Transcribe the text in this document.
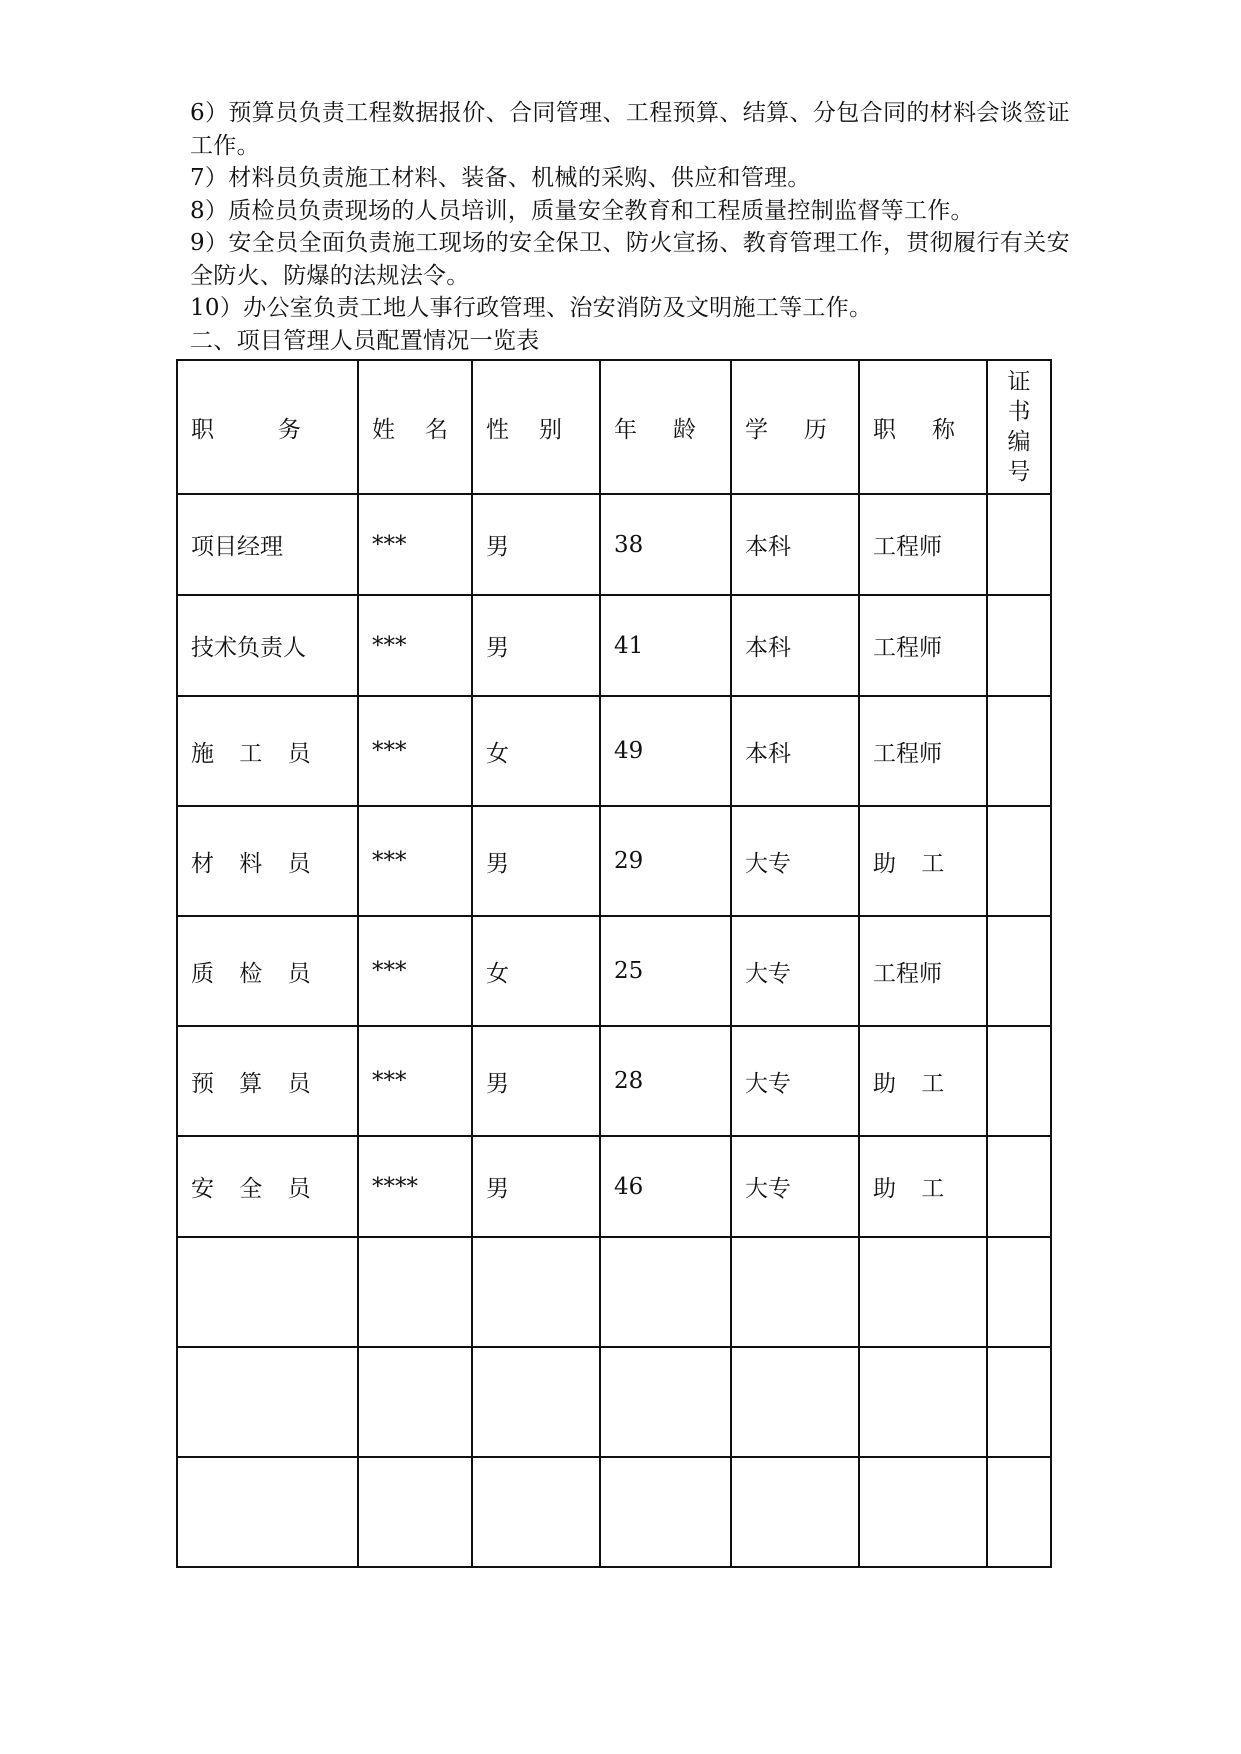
6）预算员负责工程数据报价、合同管理、工程预算、结算、分包合同的材料会谈签证工作。

7）材料员负责施工材料、装备、机械的采购、供应和管理。

8）质检员负责现场的人员培训，质量安全教育和工程质量控制监督等工作。

9）安全员全面负责施工现场的安全保卫、防火宣扬、教育管理工作，贯彻履行有关安全防火、防爆的法规法令。

10）办公室负责工地人事行政管理、治安消防及文明施工等工作。

二、项目管理人员配置情况一览表

职 务	姓 名	性 别	年 龄	学 历	职 称	证
书
编
号

项目经理	***	男	38	本科	工程师	
技术负责人	***	男	41	本科	工程师	
施 工 员	***	女	49	本科	工程师	
材 料 员	***	男	29	大专	助 工	
质 检 员	***	女	25	大专	工程师	
预 算 员	***	男	28	大专	助 工	
安 全 员	****	男	46	大专	助 工	
